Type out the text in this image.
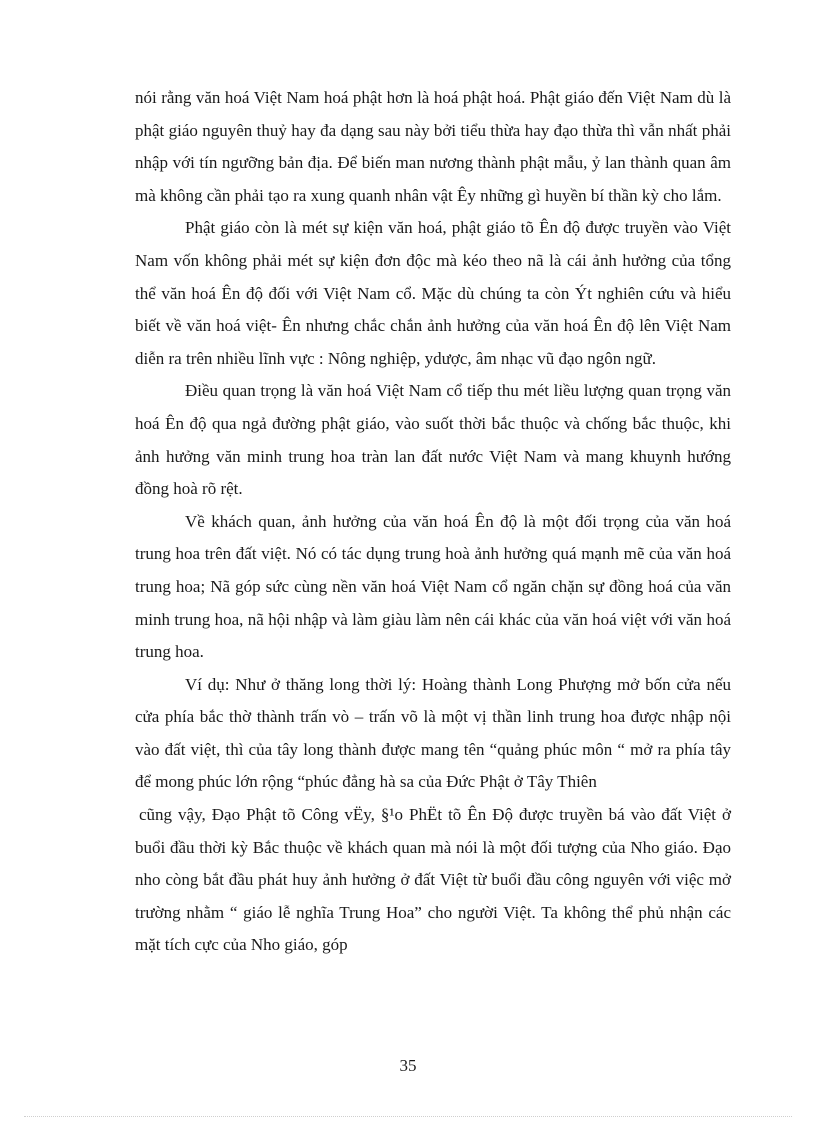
nói rằng văn hoá Việt Nam hoá phật hơn là hoá phật hoá. Phật giáo đến Việt Nam dù là phật giáo nguyên thuỷ hay đa dạng sau này bởi tiểu thừa hay đạo thừa thì vẫn nhất phải nhập với tín ngưỡng bản địa. Để biến man nương thành phật mẫu, ỷ lan thành quan âm mà không cần phải tạo ra xung quanh nhân vật Êy những gì huyền bí thần kỳ cho lắm.

Phật giáo còn là mét sự kiện văn hoá, phật giáo tõ Ên độ được truyền vào Việt Nam vốn không phải mét sự kiện đơn độc mà kéo theo nã là cái ảnh hưởng của tổng thể văn hoá Ên độ đối với Việt Nam cổ. Mặc dù chúng ta còn Ýt nghiên cứu và hiểu biết về văn hoá việt- Ên nhưng chắc chắn ảnh hưởng của văn hoá Ên độ lên Việt Nam diễn ra trên nhiều lĩnh vực : Nông nghiệp, ydược, âm nhạc vũ đạo ngôn ngữ.

Điều quan trọng là văn hoá Việt Nam cổ tiếp thu mét liều lượng quan trọng văn hoá Ên độ qua ngả đường phật giáo, vào suốt thời bắc thuộc và chống bắc thuộc, khi ảnh hưởng văn minh trung hoa tràn lan đất nước Việt Nam và mang khuynh hướng đồng hoà rõ rệt.

Về khách quan, ảnh hưởng của văn hoá Ên độ là một đối trọng của văn hoá trung hoa trên đất việt. Nó có tác dụng trung hoà ảnh hưởng quá mạnh mẽ của văn hoá trung hoa; Nã góp sức cùng nền văn hoá Việt Nam cổ ngăn chặn sự đồng hoá của văn minh trung hoa, nã hội nhập và làm giàu làm nên cái khác của văn hoá việt với văn hoá trung hoa.

Ví dụ: Như ở thăng long thời lý: Hoàng thành Long Phượng mở bốn cửa nếu cửa phía bắc thờ thành trấn vò – trấn võ là một vị thần linh trung hoa được nhập nội vào đất việt, thì của tây long thành được mang tên “quảng phúc môn “ mở ra phía tây để mong phúc lớn rộng “phúc đẳng hà sa của Đức Phật ở Tây Thiên

cũng vậy, Đạo Phật tõ Công vËy, §¹o PhËt tõ Ên Độ được truyền bá vào đất Việt ở buổi đầu thời kỳ Bắc thuộc về khách quan mà nói là một đối tượng của Nho giáo. Đạo nho còng bắt đầu phát huy ảnh hưởng ở đất Việt từ buổi đầu công nguyên với việc mở trường nhằm “ giáo lễ nghĩa Trung Hoa” cho người Việt. Ta không thể phủ nhận các mặt tích cực của Nho giáo, góp

35
